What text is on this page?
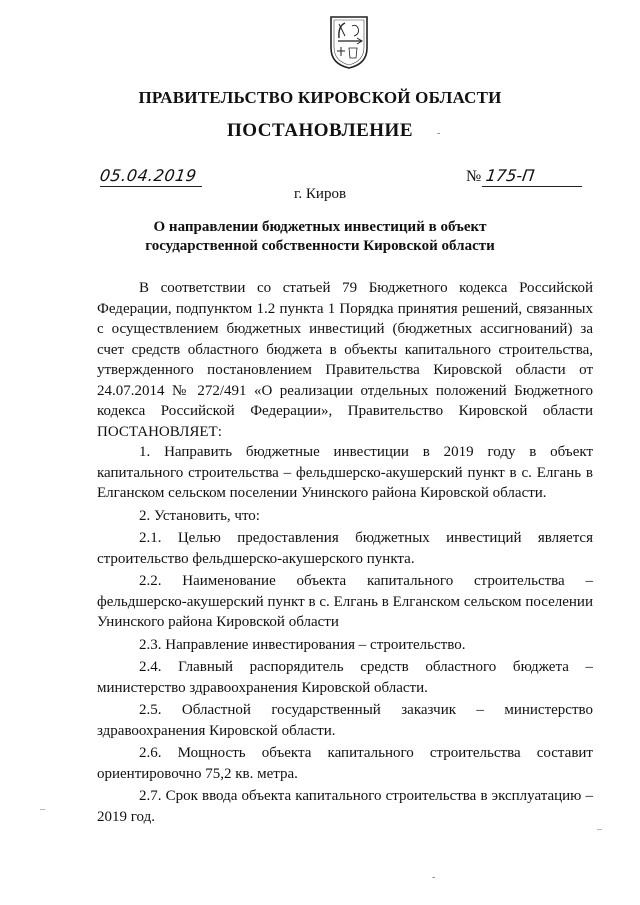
ПРАВИТЕЛЬСТВО КИРОВСКОЙ ОБЛАСТИ
ПОСТАНОВЛЕНИЕ
05.04.2019	№ 175-П
г. Киров
О направлении бюджетных инвестиций в объект
государственной собственности Кировской области

В соответствии со статьей 79 Бюджетного кодекса Российской Федерации, подпунктом 1.2 пункта 1 Порядка принятия решений, связанных с осуществлением бюджетных инвестиций (бюджетных ассигнований) за счет средств областного бюджета в объекты капитального строительства, утвержденного постановлением Правительства Кировской области от 24.07.2014 № 272/491 «О реализации отдельных положений Бюджетного кодекса Российской Федерации», Правительство Кировской области ПОСТАНОВЛЯЕТ:

1. Направить бюджетные инвестиции в 2019 году в объект капитального строительства – фельдшерско-акушерский пункт в с. Елгань в Елганском сельском поселении Унинского района Кировской области.

2. Установить, что:

2.1. Целью предоставления бюджетных инвестиций является строительство фельдшерско-акушерского пункта.

2.2. Наименование объекта капитального строительства – фельдшерско-акушерский пункт в с. Елгань в Елганском сельском поселении Унинского района Кировской области

2.3. Направление инвестирования – строительство.

2.4. Главный распорядитель средств областного бюджета – министерство здравоохранения Кировской области.

2.5. Областной государственный заказчик – министерство здравоохранения Кировской области.

2.6. Мощность объекта капитального строительства составит ориентировочно 75,2 кв. метра.

2.7. Срок ввода объекта капитального строительства в эксплуатацию – 2019 год.

-
–
–
-
